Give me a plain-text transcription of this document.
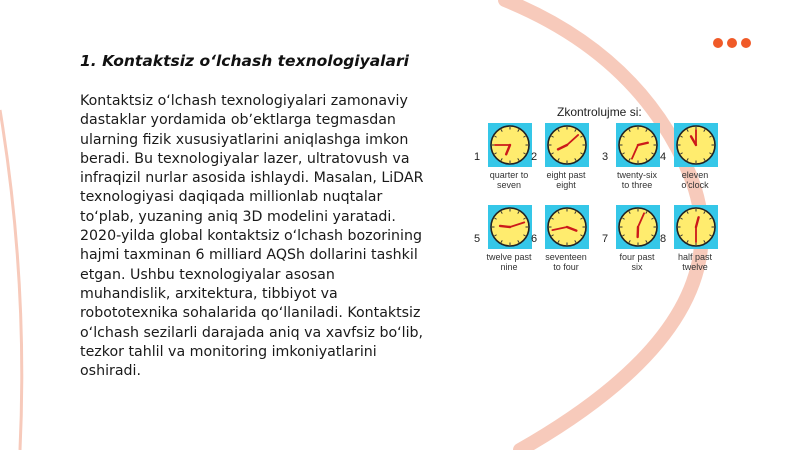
1. Kontaktsiz oʻlchash texnologiyalari

Kontaktsiz oʻlchash texnologiyalari zamonaviy dastaklar yordamida obʼektlarga tegmasdan ularning fizik xususiyatlarini aniqlashga imkon beradi. Bu texnologiyalar lazer, ultratovush va infraqizil nurlar asosida ishlaydi. Masalan, LiDAR texnologiyasi daqiqada millionlab nuqtalar toʻplab, yuzaning aniq 3D modelini yaratadi. 2020-yilda global kontaktsiz oʻlchash bozorining hajmi taxminan 6 milliard AQSh dollarini tashkil etgan. Ushbu texnologiyalar asosan muhandislik, arxitektura, tibbiyot va robototexnika sohalarida qoʻllaniladi. Kontaktsiz oʻlchash sezilarli darajada aniq va xavfsiz boʻlib, tezkor tahlil va monitoring imkoniyatlarini oshiradi.

Zkontrolujme si:
1
quarter to
seven
2
eight past
eight
3
twenty-six
to three
4
eleven
o'clock
5
twelve past
nine
6
seventeen
to four
7
four past
six
8
half past
twelve
